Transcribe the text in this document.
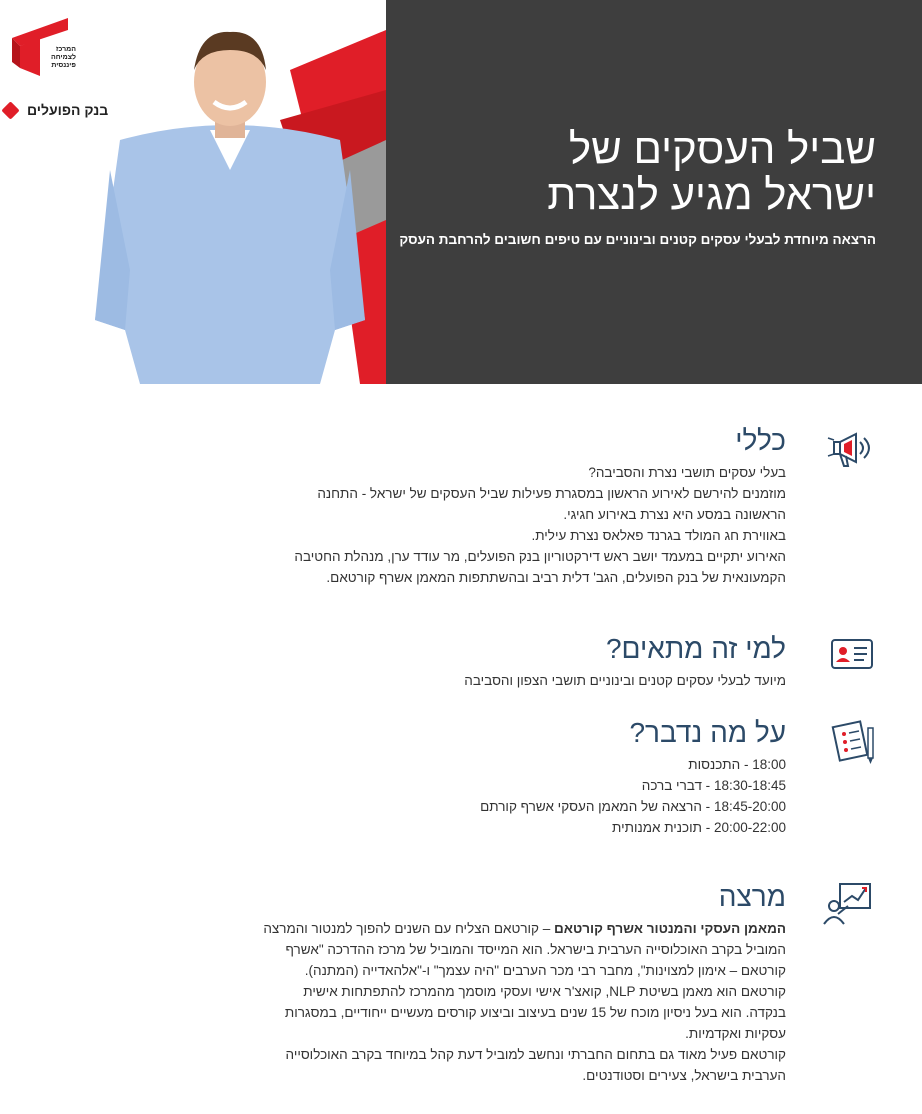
המרכז לצמיחה פיננסית
בנק הפועלים
שביל העסקים של
ישראל מגיע לנצרת
הרצאה מיוחדת לבעלי עסקים קטנים ובינוניים עם טיפים חשובים להרחבת העסק
כללי

בעלי עסקים תושבי נצרת והסביבה?

מוזמנים להירשם לאירוע הראשון במסגרת פעילות שביל העסקים של ישראל - התחנה

הראשונה במסע היא נצרת באירוע חגיגי.

באווירת חג המולד בגרנד פאלאס נצרת עילית.

האירוע יתקיים במעמד יושב ראש דירקטוריון בנק הפועלים, מר עודד ערן, מנהלת החטיבה

הקמעונאית של בנק הפועלים, הגב' דלית רביב ובהשתתפות המאמן אשרף קורטאם.

למי זה מתאים?

מיועד לבעלי עסקים קטנים ובינוניים תושבי הצפון והסביבה

על מה נדבר?

18:00 - התכנסות

18:30-18:45 - דברי ברכה

18:45-20:00 - הרצאה של המאמן העסקי אשרף קורתם

20:00-22:00 - תוכנית אמנותית

מרצה

המאמן העסקי והמנטור אשרף קורטאם – קורטאם הצליח עם השנים להפוך למנטור והמרצה

המוביל בקרב האוכלוסייה הערבית בישראל. הוא המייסד והמוביל של מרכז ההדרכה "אשרף

קורטאם – אימון למצוינות", מחבר רבי מכר הערבים "היה עצמך" ו-"אלהאדייה (המתנה).

קורטאם הוא מאמן בשיטת NLP, קואצ'ר אישי ועסקי מוסמך מהמרכז להתפתחות אישית

בנקדה. הוא בעל ניסיון מוכח של 15 שנים בעיצוב וביצוע קורסים מעשיים ייחודיים, במסגרות

עסקיות ואקדמיות.

קורטאם פעיל מאוד גם בתחום החברתי ונחשב למוביל דעת קהל במיוחד בקרב האוכלוסייה

הערבית בישראל, צעירים וסטודנטים.
